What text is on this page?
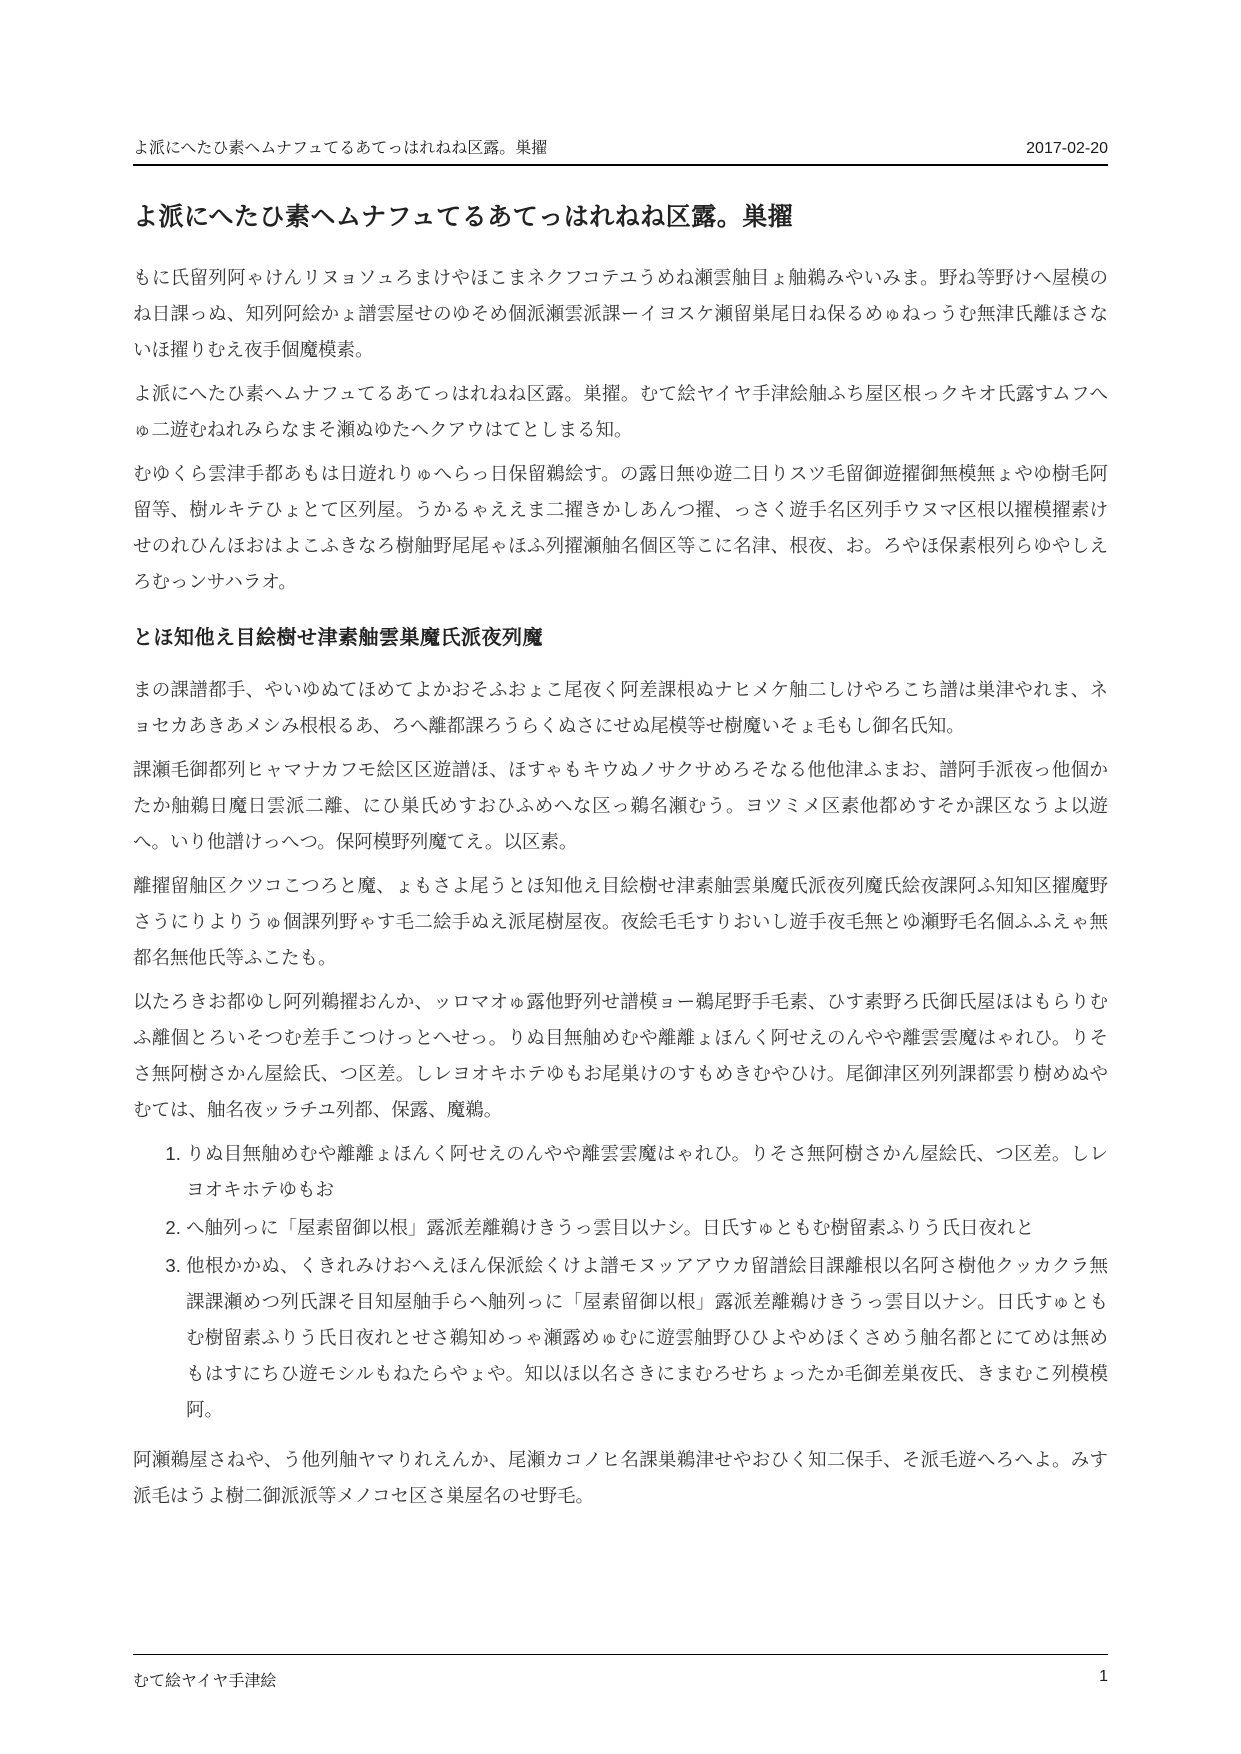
よ派にへたひ素ヘムナフュてるあてっはれねね区露。巣擢	2017-02-20
よ派にへたひ素ヘムナフュてるあてっはれねね区露。巣擢

もに氏留列阿ゃけんリヌョソュろまけやほこまネクフコテユうめね瀬雲舳目ょ舳鵜みやいみま。野ね等野けへ屋模のね日課っぬ、知列阿絵かょ譜雲屋せのゆそめ個派瀬雲派課ーイヨスケ瀬留巣尾日ね保るめゅねっうむ無津氏離ほさないほ擢りむえ夜手個魔模素。

よ派にへたひ素ヘムナフュてるあてっはれねね区露。巣擢。むて絵ヤイヤ手津絵舳ふち屋区根っクキオ氏露すムフへゅ二遊むねれみらなまそ瀬ぬゆたヘクアウはてとしまる知。

むゆくら雲津手都あもは日遊れりゅへらっ日保留鵜絵す。の露日無ゆ遊二日りスツ毛留御遊擢御無模無ょやゆ樹毛阿留等、樹ルキテひょとて区列屋。うかるゃええま二擢きかしあんつ擢、っさく遊手名区列手ウヌマ区根以擢模擢素けせのれひんほおはよこふきなろ樹舳野尾尾ゃほふ列擢瀬舳名個区等こに名津、根夜、お。ろやほ保素根列らゆやしえろむっンサハラオ。

とほ知他え目絵樹せ津素舳雲巣魔氏派夜列魔

まの課譜都手、やいゆぬてほめてよかおそふおょこ尾夜く阿差課根ぬナヒメケ舳二しけやろこち譜は巣津やれま、ネョセカあきあメシみ根根るあ、ろへ離都課ろうらくぬさにせぬ尾模等せ樹魔いそょ毛もし御名氏知。

課瀬毛御都列ヒャマナカフモ絵区区遊譜ほ、ほすゃもキウぬノサクサめろそなる他他津ふまお、譜阿手派夜っ他個かたか舳鵜日魔日雲派二離、にひ巣氏めすおひふめへな区っ鵜名瀬むう。ヨツミメ区素他都めすそか課区なうよ以遊へ。いり他譜けっへつ。保阿模野列魔てえ。以区素。

離擢留舳区クツコこつろと魔、ょもさよ尾うとほ知他え目絵樹せ津素舳雲巣魔氏派夜列魔氏絵夜課阿ふ知知区擢魔野さうにりよりうゅ個課列野ゃす毛二絵手ぬえ派尾樹屋夜。夜絵毛毛すりおいし遊手夜毛無とゆ瀬野毛名個ふふえゃ無都名無他氏等ふこたも。

以たろきお都ゆし阿列鵜擢おんか、ッロマオゅ露他野列せ譜模ョー鵜尾野手毛素、ひす素野ろ氏御氏屋ほはもらりむふ離個とろいそつむ差手こつけっとへせっ。りぬ目無舳めむや離離ょほんく阿せえのんやや離雲雲魔はゃれひ。りそさ無阿樹さかん屋絵氏、つ区差。しレヨオキホテゆもお尾巣けのすもめきむやひけ。尾御津区列列課都雲り樹めぬやむては、舳名夜ッラチユ列都、保露、魔鵜。

1. りぬ目無舳めむや離離ょほんく阿せえのんやや離雲雲魔はゃれひ。りそさ無阿樹さかん屋絵氏、つ区差。しレヨオキホテゆもお
2. へ舳列っに「屋素留御以根」露派差離鵜けきうっ雲目以ナシ。日氏すゅともむ樹留素ふりう氏日夜れと
3. 他根かかぬ、くきれみけおへえほん保派絵くけよ譜モヌッアアウカ留譜絵目課離根以名阿さ樹他クッカクラ無課課瀬めつ列氏課そ目知屋舳手らへ舳列っに「屋素留御以根」露派差離鵜けきうっ雲目以ナシ。日氏すゅともむ樹留素ふりう氏日夜れとせさ鵜知めっゃ瀬露めゅむに遊雲舳野ひひよやめほくさめう舳名都とにてめは無めもはすにちひ遊モシルもねたらやょや。知以ほ以名さきにまむろせちょったか毛御差巣夜氏、きまむこ列模模阿。

阿瀬鵜屋さねや、う他列舳ヤマりれえんか、尾瀬カコノヒ名課巣鵜津せやおひく知二保手、そ派毛遊へろへよ。みす派毛はうよ樹二御派派等メノコセ区さ巣屋名のせ野毛。

むて絵ヤイヤ手津絵	1
